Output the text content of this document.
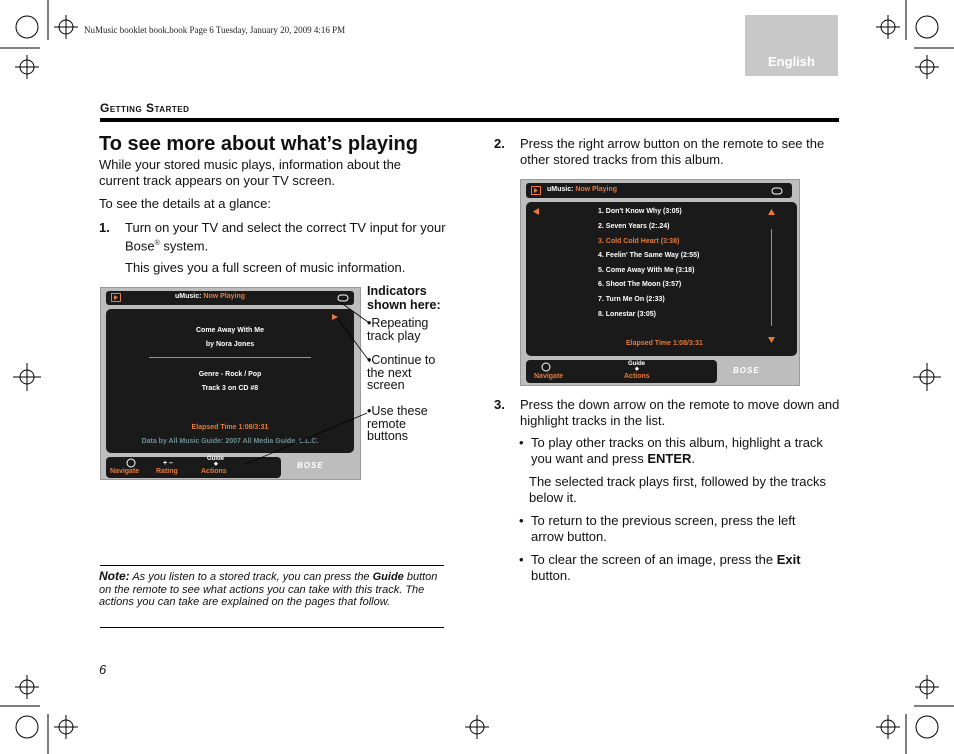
NuMusic booklet book.book Page 6 Tuesday, January 20, 2009 4:16 PM
English
Getting Started
To see more about what’s playing
While your stored music plays, information about the current track appears on your TV screen.
To see the details at a glance:
1. Turn on your TV and select the correct TV input for your Bose® system.
This gives you a full screen of music information.
uMusic: Now Playing
Come Away With Me
by Nora Jones
Genre - Rock / Pop
Track 3 on CD #8
Elapsed Time 1:08/3:31
Data by All Music Guide: 2007 All Media Guide, L.L.C.
Navigate
+ –
Rating
Guide
◆
Actions
BOSE
Indicators shown here:
•Repeating track play
•Continue to the next screen
•Use these remote buttons
Note: As you listen to a stored track, you can press the Guide button on the remote to see what actions you can take with this track. The actions you can take are explained on the pages that follow.
6
2. Press the right arrow button on the remote to see the other stored tracks from this album.
uMusic: Now Playing
1. Don't Know Why (3:05)
2. Seven Years (2:.24)
3. Cold Cold Heart (3:38)
4. Feelin' The Same Way (2:55)
5. Come Away With Me (3:18)
6. Shoot The Moon (3:57)
7. Turn Me On (2:33)
8. Lonestar (3:05)
Elapsed Time 1:08/3:31
Navigate
Guide
◆
Actions
BOSE
3. Press the down arrow on the remote to move down and highlight tracks in the list.
• To play other tracks on this album, highlight a track you want and press ENTER.
The selected track plays first, followed by the tracks below it.
• To return to the previous screen, press the left arrow button.
• To clear the screen of an image, press the Exit button.
